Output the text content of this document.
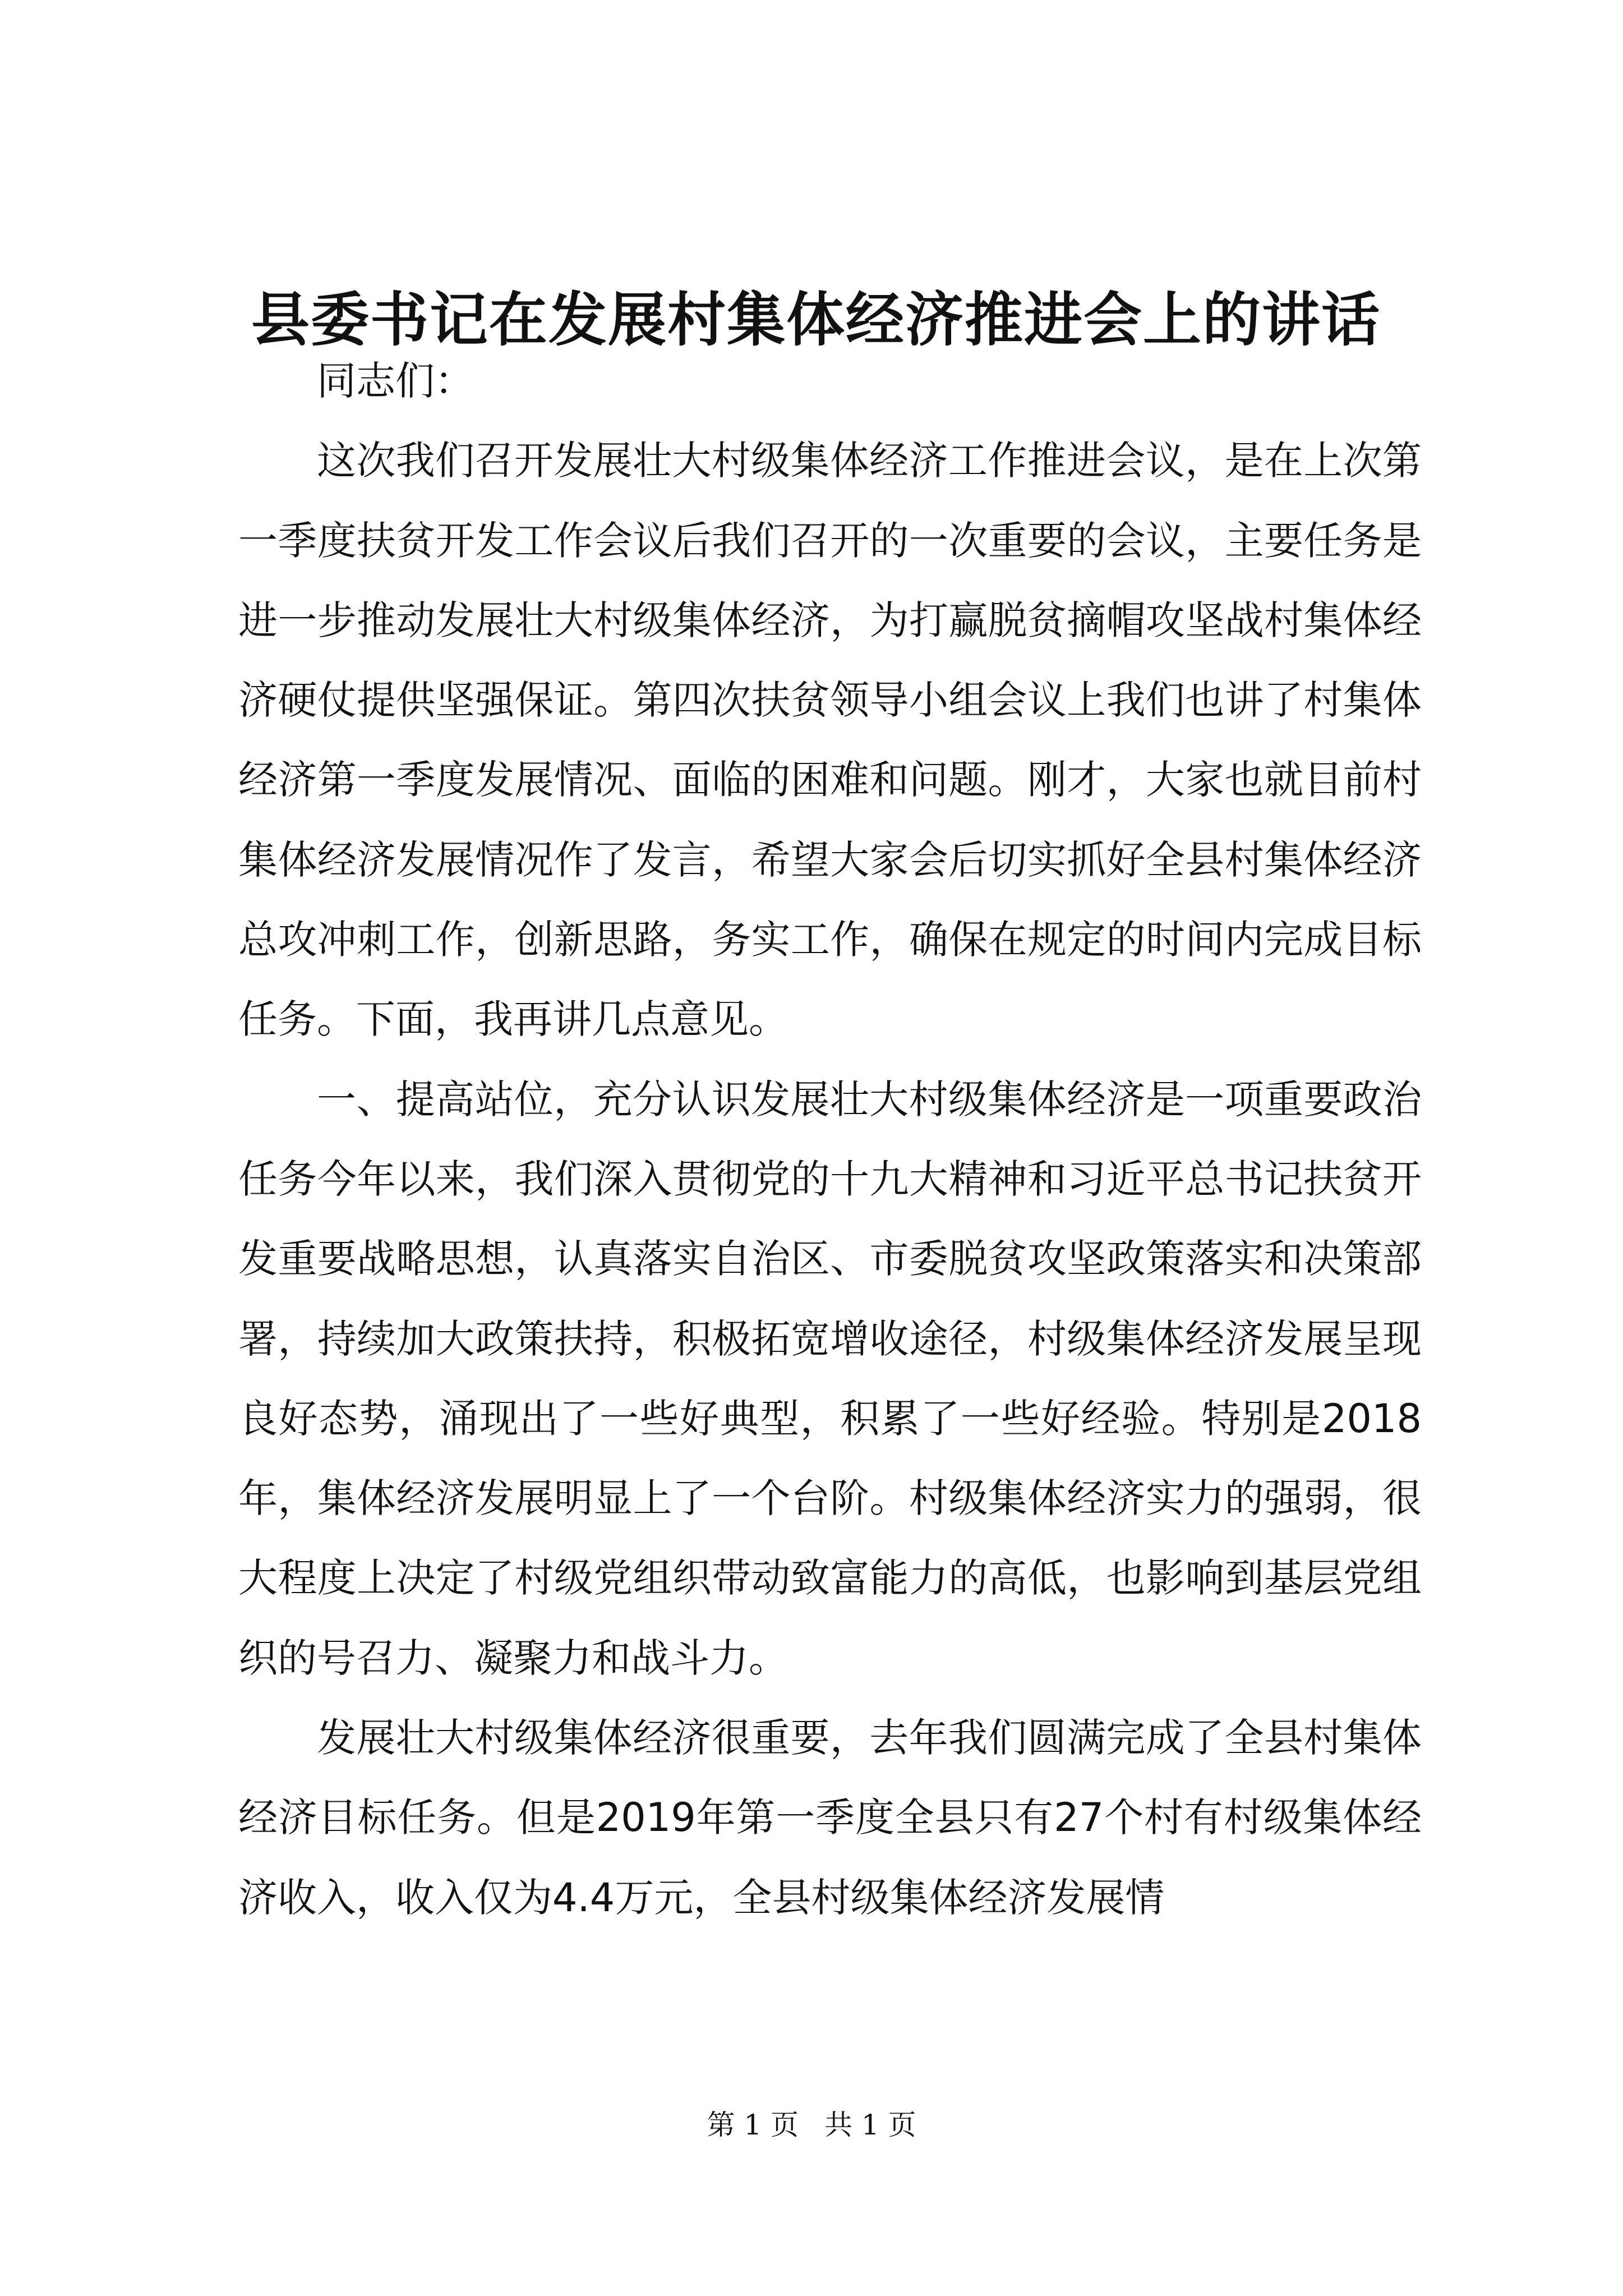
县委书记在发展村集体经济推进会上的讲话

同志们：

这次我们召开发展壮大村级集体经济工作推进会议，是在上次第一季度扶贫开发工作会议后我们召开的一次重要的会议，主要任务是进一步推动发展壮大村级集体经济，为打赢脱贫摘帽攻坚战村集体经济硬仗提供坚强保证。第四次扶贫领导小组会议上我们也讲了村集体经济第一季度发展情况、面临的困难和问题。刚才，大家也就目前村集体经济发展情况作了发言，希望大家会后切实抓好全县村集体经济总攻冲刺工作，创新思路，务实工作，确保在规定的时间内完成目标任务。下面，我再讲几点意见。

一、提高站位，充分认识发展壮大村级集体经济是一项重要政治任务今年以来，我们深入贯彻党的十九大精神和习近平总书记扶贫开发重要战略思想，认真落实自治区、市委脱贫攻坚政策落实和决策部署，持续加大政策扶持，积极拓宽增收途径，村级集体经济发展呈现良好态势，涌现出了一些好典型，积累了一些好经验。特别是2018年，集体经济发展明显上了一个台阶。村级集体经济实力的强弱，很大程度上决定了村级党组织带动致富能力的高低，也影响到基层党组织的号召力、凝聚力和战斗力。

发展壮大村级集体经济很重要，去年我们圆满完成了全县村集体经济目标任务。但是2019年第一季度全县只有27个村有村级集体经济收入，收入仅为4.4万元，全县村级集体经济发展情

第 1 页 共 1 页
